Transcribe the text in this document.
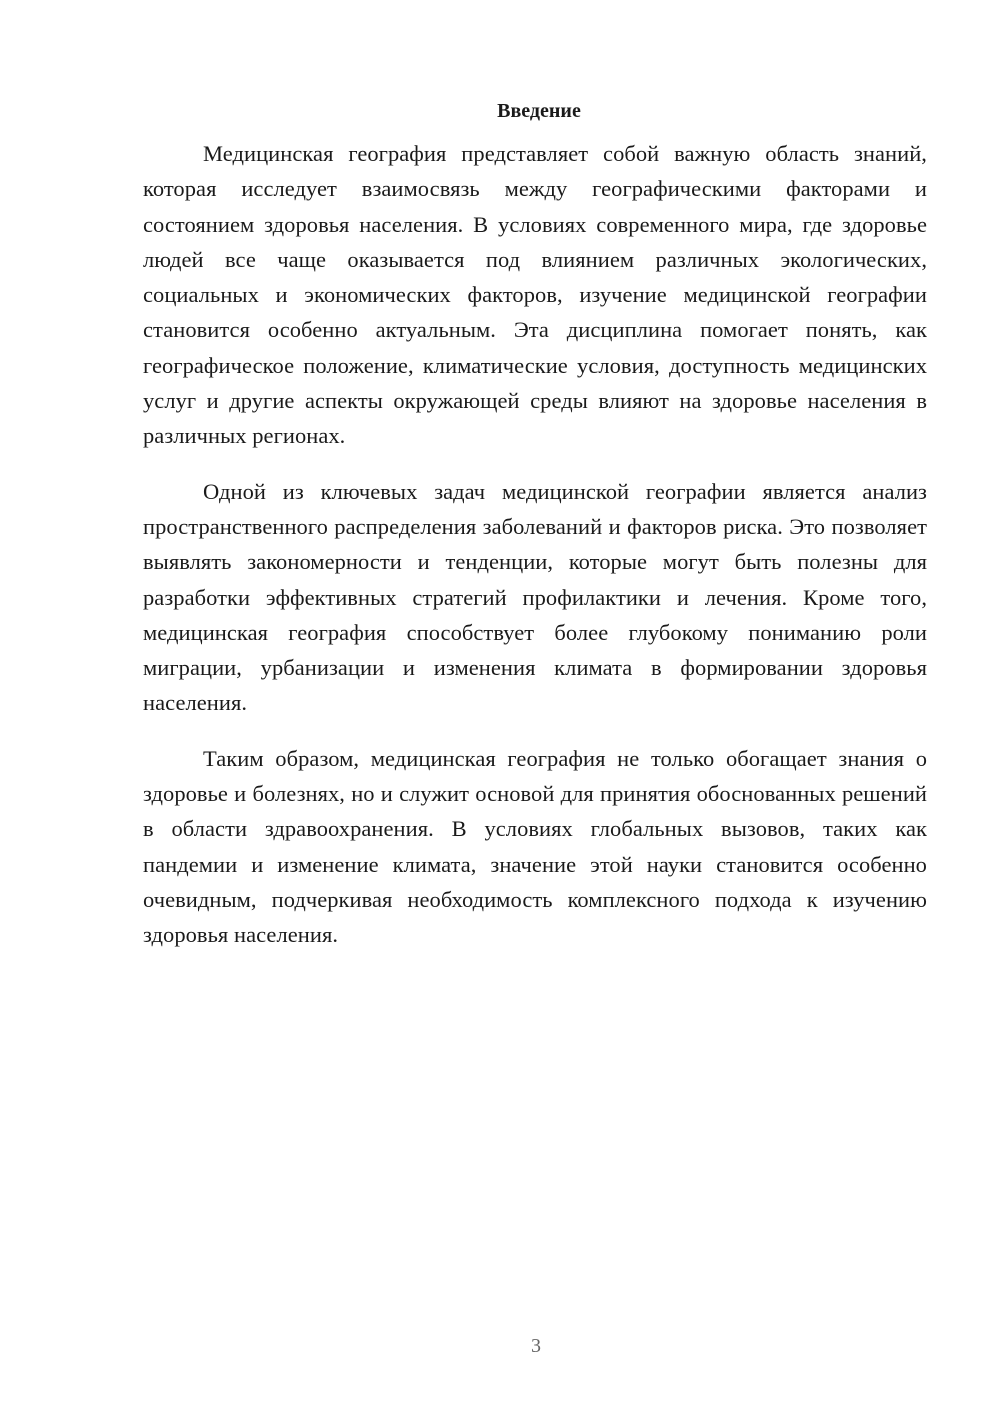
Введение

Медицинская география представляет собой важную область знаний, которая исследует взаимосвязь между географическими факторами и состоянием здоровья населения. В условиях современного мира, где здоровье людей все чаще оказывается под влиянием различных экологических, социальных и экономических факторов, изучение медицинской географии становится особенно актуальным. Эта дисциплина помогает понять, как географическое положение, климатические условия, доступность медицинских услуг и другие аспекты окружающей среды влияют на здоровье населения в различных регионах.

Одной из ключевых задач медицинской географии является анализ пространственного распределения заболеваний и факторов риска. Это позволяет выявлять закономерности и тенденции, которые могут быть полезны для разработки эффективных стратегий профилактики и лечения. Кроме того, медицинская география способствует более глубокому пониманию роли миграции, урбанизации и изменения климата в формировании здоровья населения.

Таким образом, медицинская география не только обогащает знания о здоровье и болезнях, но и служит основой для принятия обоснованных решений в области здравоохранения. В условиях глобальных вызовов, таких как пандемии и изменение климата, значение этой науки становится особенно очевидным, подчеркивая необходимость комплексного подхода к изучению здоровья населения.

3
